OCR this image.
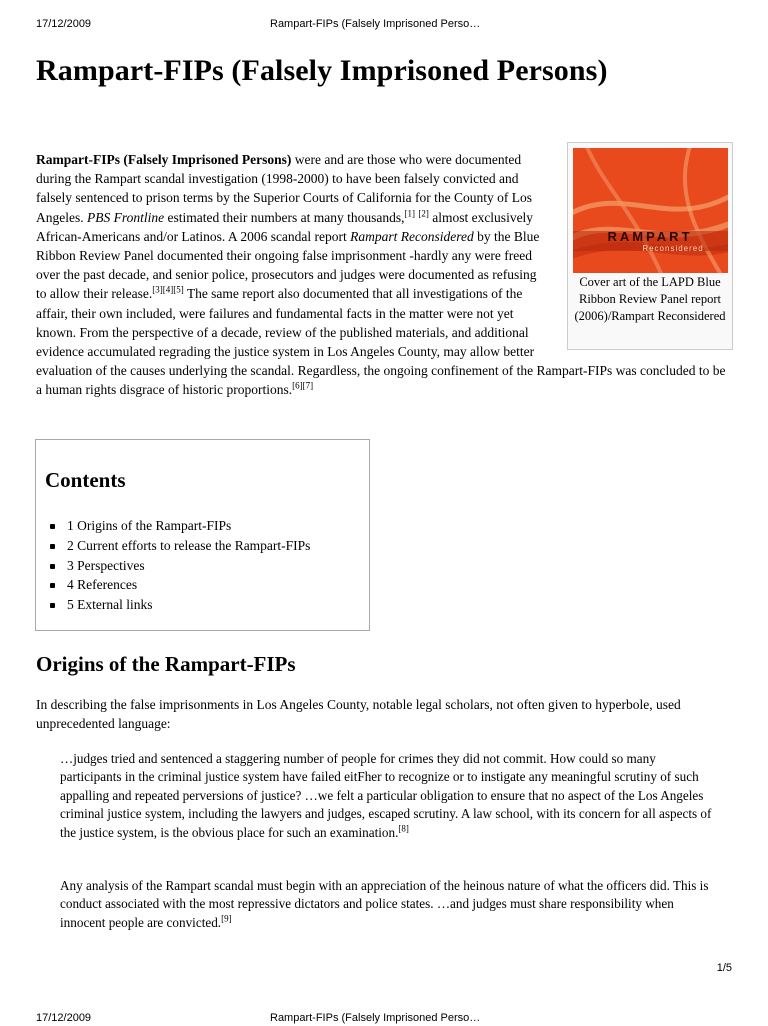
17/12/2009	Rampart-FIPs (Falsely Imprisoned Perso…
Rampart-FIPs (Falsely Imprisoned Persons)

Rampart-FIPs (Falsely Imprisoned Persons) were and are those who were documented during the Rampart scandal investigation (1998-2000) to have been falsely convicted and falsely sentenced to prison terms by the Superior Courts of California for the County of Los Angeles. PBS Frontline estimated their numbers at many thousands,[1] [2] almost exclusively African-Americans and/or Latinos. A 2006 scandal report Rampart Reconsidered by the Blue Ribbon Review Panel documented their ongoing false imprisonment -hardly any were freed over the past decade, and senior police, prosecutors and judges were documented as refusing to allow their release.[3][4][5] The same report also documented that all investigations of the affair, their own included, were failures and fundamental facts in the matter were not yet known. From the perspective of a decade, review of the published materials, and additional evidence accumulated regrading the justice system in Los Angeles County, may allow better evaluation of the causes underlying the scandal. Regardless, the ongoing confinement of the Rampart-FIPs was concluded to be a human rights disgrace of historic proportions.[6][7]

RAMPART
Reconsidered
Cover art of the LAPD Blue Ribbon Review Panel report (2006)/Rampart Reconsidered
Contents
1 Origins of the Rampart-FIPs
2 Current efforts to release the Rampart-FIPs
3 Perspectives
4 References
5 External links
Origins of the Rampart-FIPs

In describing the false imprisonments in Los Angeles County, notable legal scholars, not often given to hyperbole, used unprecedented language:

…judges tried and sentenced a staggering number of people for crimes they did not commit. How could so many participants in the criminal justice system have failed eitFher to recognize or to instigate any meaningful scrutiny of such appalling and repeated perversions of justice? …we felt a particular obligation to ensure that no aspect of the Los Angeles criminal justice system, including the lawyers and judges, escaped scrutiny. A law school, with its concern for all aspects of the justice system, is the obvious place for such an examination.[8]

Any analysis of the Rampart scandal must begin with an appreciation of the heinous nature of what the officers did. This is conduct associated with the most repressive dictators and police states. …and judges must share responsibility when innocent people are convicted.[9]

1/5
17/12/2009	Rampart-FIPs (Falsely Imprisoned Perso…
